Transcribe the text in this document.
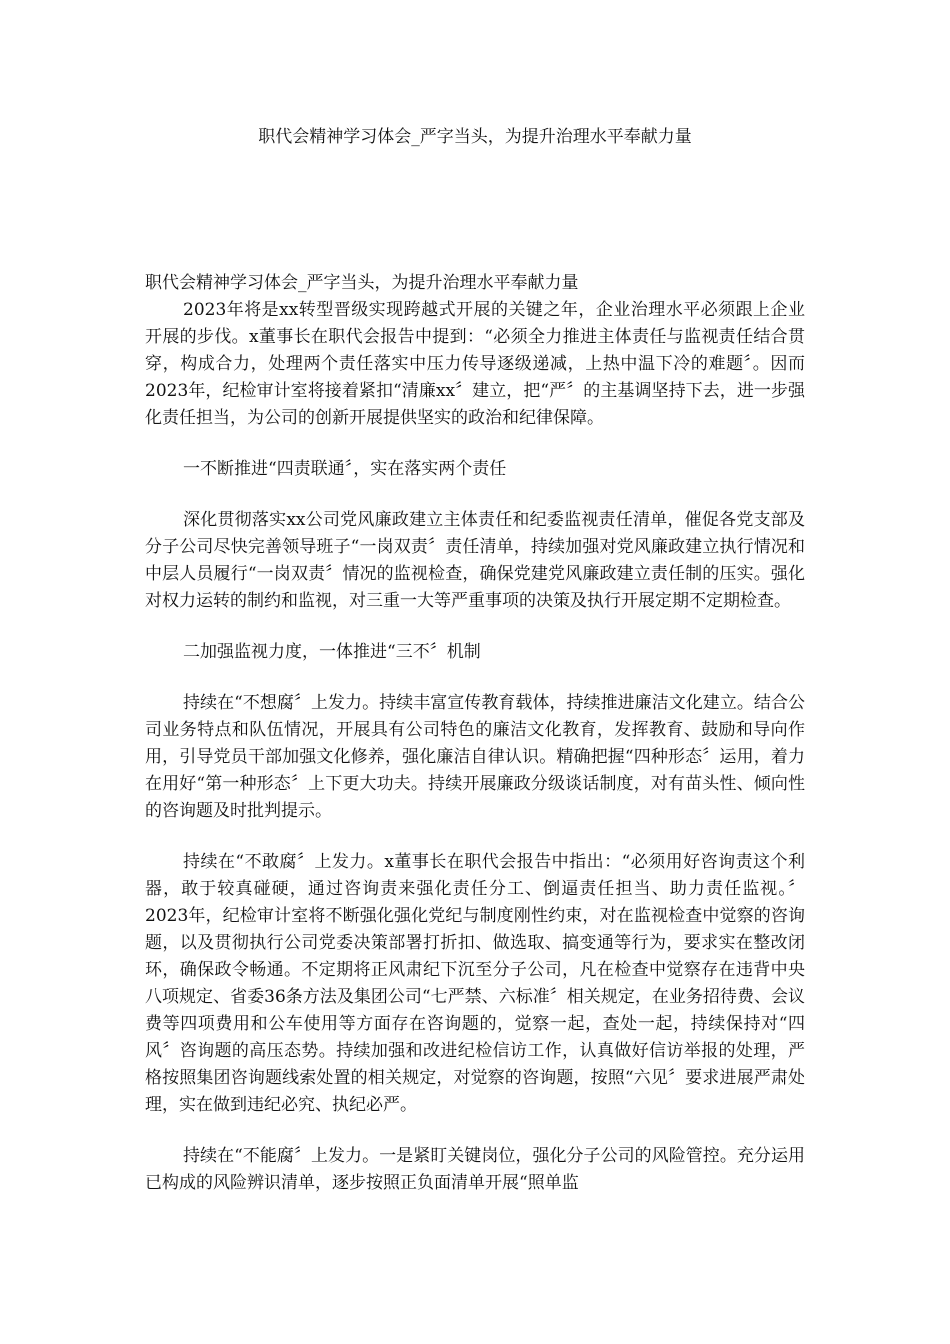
职代会精神学习体会_严字当头，为提升治理水平奉献力量

职代会精神学习体会_严字当头，为提升治理水平奉献力量

2023年将是xx转型晋级实现跨越式开展的关键之年，企业治理水平必须跟上企业开展的步伐。x董事长在职代会报告中提到：“必须全力推进主体责任与监视责任结合贯穿，构成合力，处理两个责任落实中压力传导逐级递减，上热中温下冷的难题〞。因而2023年，纪检审计室将接着紧扣“清廉xx〞建立，把“严〞的主基调坚持下去，进一步强化责任担当，为公司的创新开展提供坚实的政治和纪律保障。

一不断推进“四责联通〞，实在落实两个责任

深化贯彻落实xx公司党风廉政建立主体责任和纪委监视责任清单，催促各党支部及分子公司尽快完善领导班子“一岗双责〞责任清单，持续加强对党风廉政建立执行情况和中层人员履行“一岗双责〞情况的监视检查，确保党建党风廉政建立责任制的压实。强化对权力运转的制约和监视，对三重一大等严重事项的决策及执行开展定期不定期检查。

二加强监视力度，一体推进“三不〞机制

持续在“不想腐〞上发力。持续丰富宣传教育载体，持续推进廉洁文化建立。结合公司业务特点和队伍情况，开展具有公司特色的廉洁文化教育，发挥教育、鼓励和导向作用，引导党员干部加强文化修养，强化廉洁自律认识。精确把握“四种形态〞运用，着力在用好“第一种形态〞上下更大功夫。持续开展廉政分级谈话制度，对有苗头性、倾向性的咨询题及时批判提示。

持续在“不敢腐〞上发力。x董事长在职代会报告中指出：“必须用好咨询责这个利器，敢于较真碰硬，通过咨询责来强化责任分工、倒逼责任担当、助力责任监视。〞2023年，纪检审计室将不断强化强化党纪与制度刚性约束，对在监视检查中觉察的咨询题，以及贯彻执行公司党委决策部署打折扣、做选取、搞变通等行为，要求实在整改闭环，确保政令畅通。不定期将正风肃纪下沉至分子公司，凡在检查中觉察存在违背中央八项规定、省委36条方法及集团公司“七严禁、六标准〞相关规定，在业务招待费、会议费等四项费用和公车使用等方面存在咨询题的，觉察一起，查处一起，持续保持对“四风〞咨询题的高压态势。持续加强和改进纪检信访工作，认真做好信访举报的处理，严格按照集团咨询题线索处置的相关规定，对觉察的咨询题，按照“六见〞要求进展严肃处理，实在做到违纪必究、执纪必严。

持续在“不能腐〞上发力。一是紧盯关键岗位，强化分子公司的风险管控。充分运用已构成的风险辨识清单，逐步按照正负面清单开展“照单监
